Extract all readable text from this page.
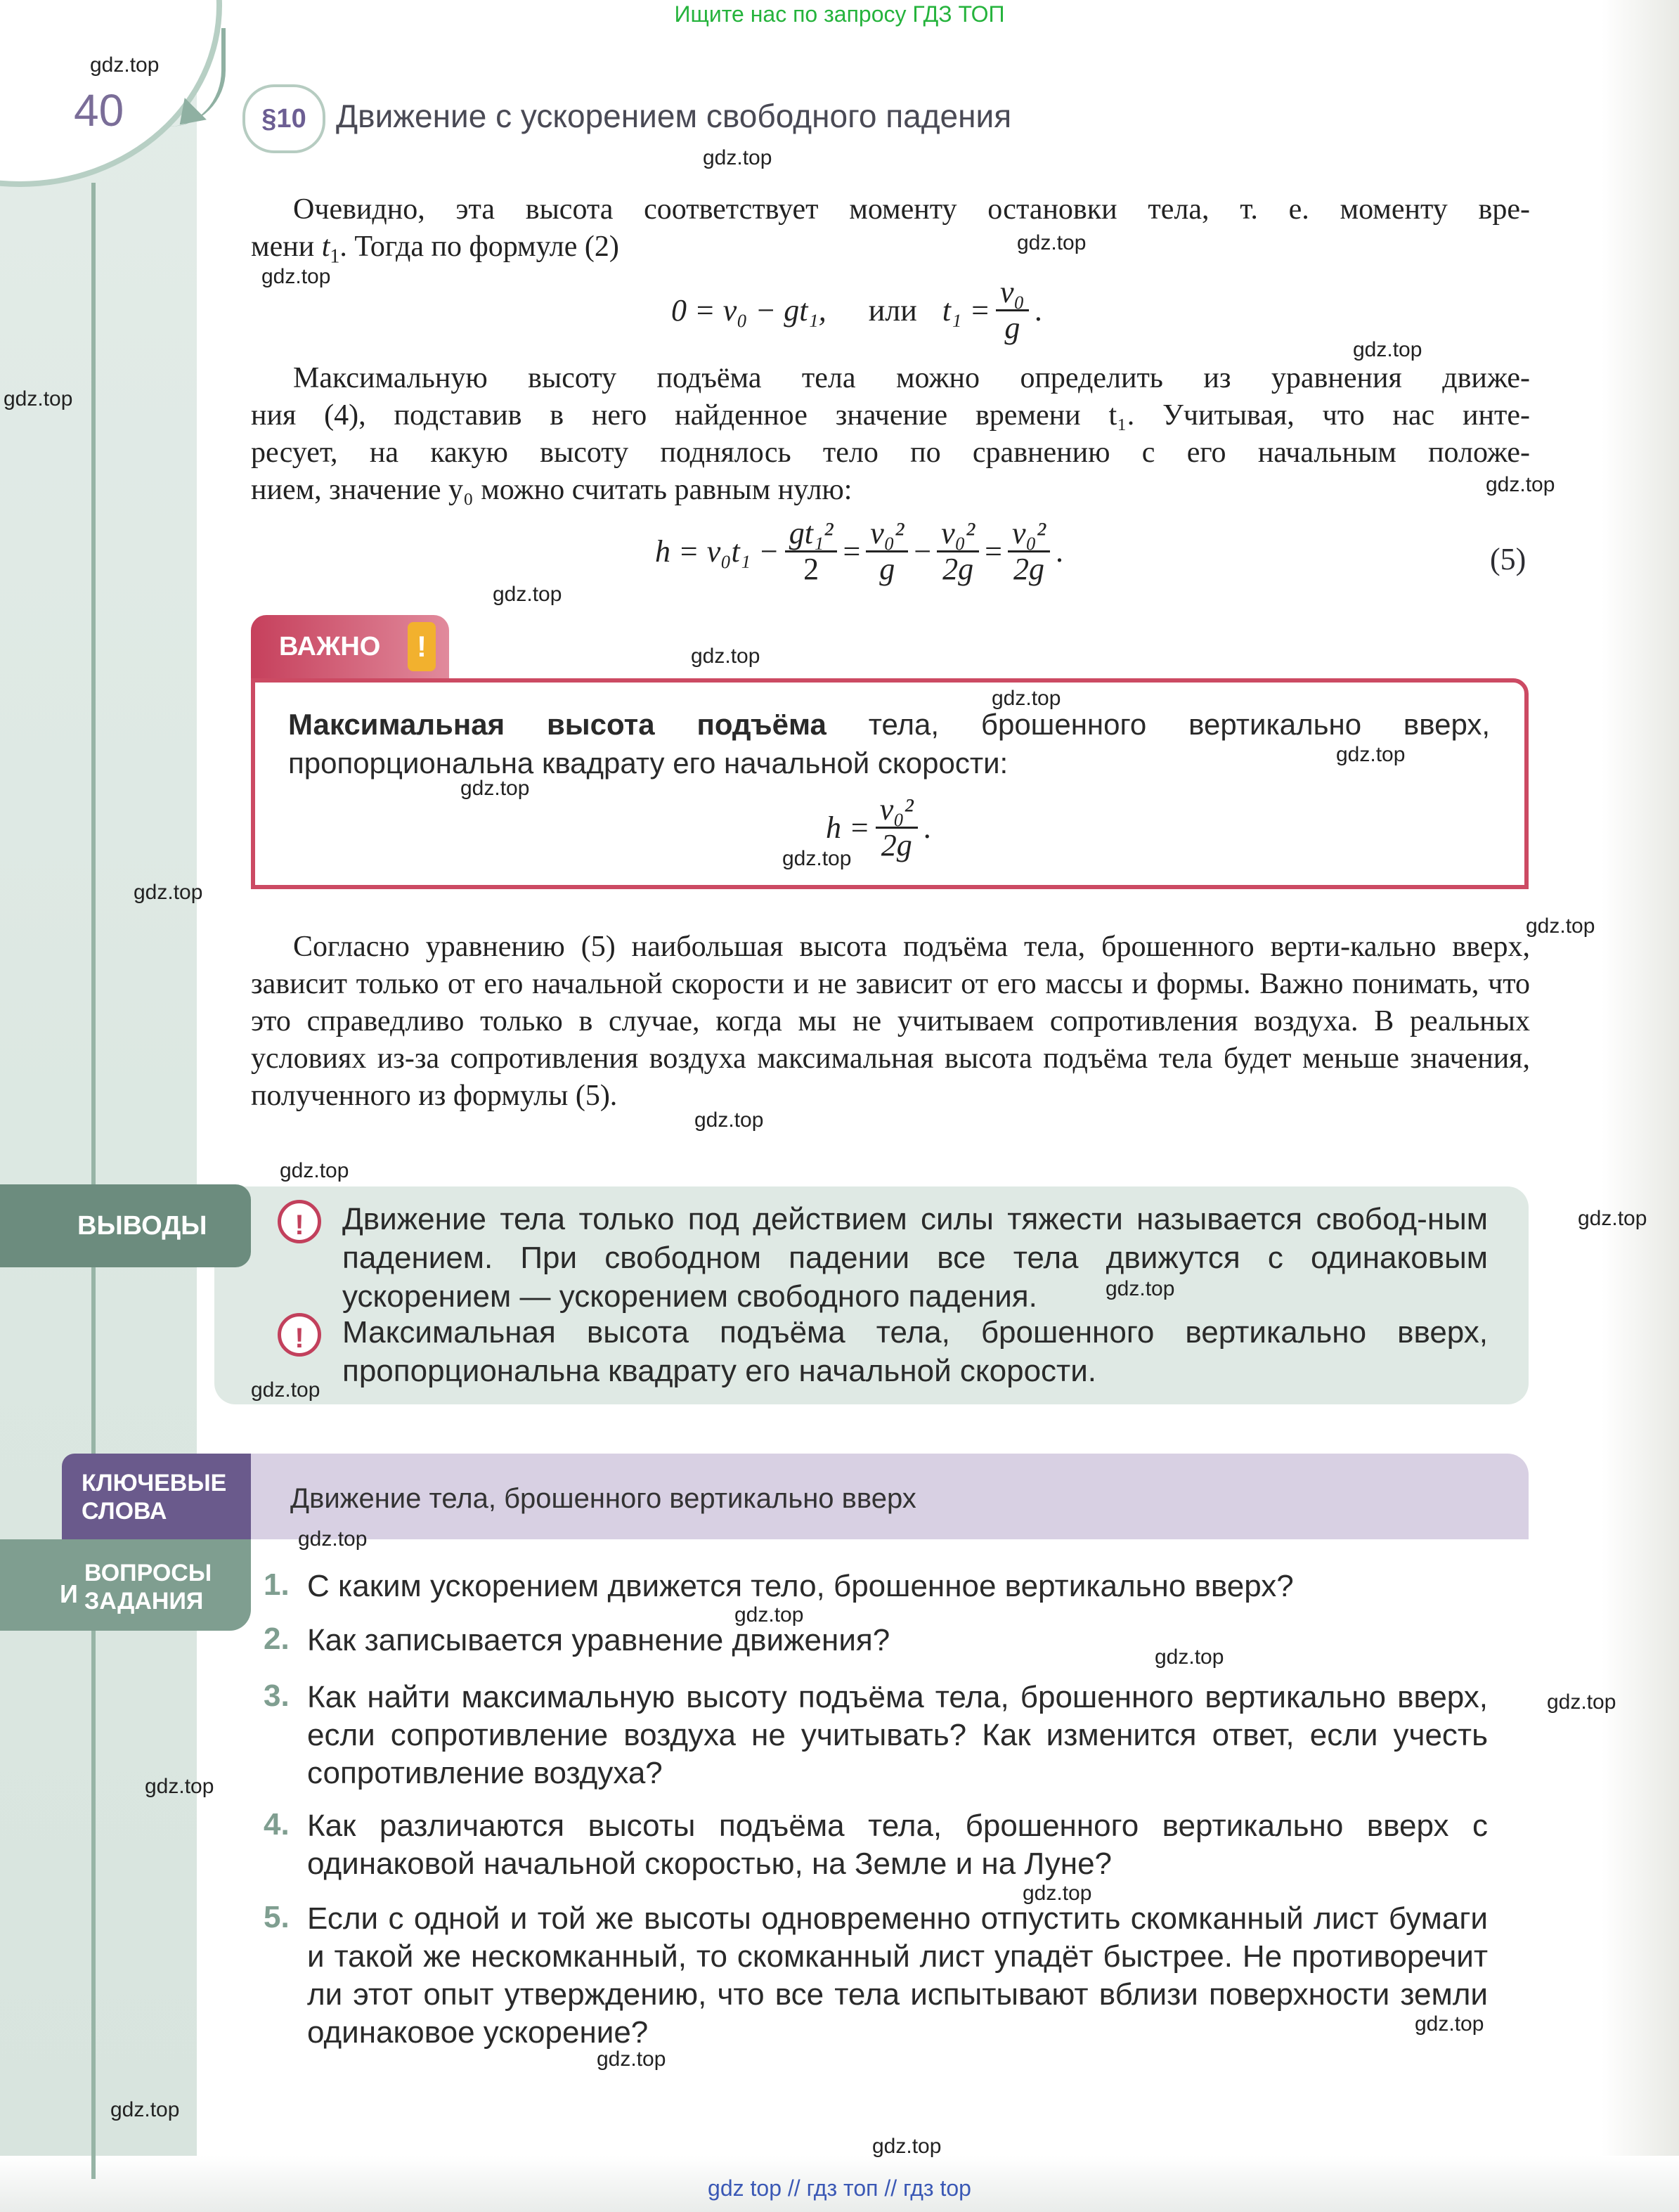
Ищите нас по запросу ГДЗ ТОП
40	§10 Движение с ускорением свободного падения
Очевидно, эта высота соответствует моменту остановки тела, т. е. моменту вре-
мени $t_1$. Тогда по формуле (2)
0 = v₀ − gt₁, или $t_1 = \frac{\text{v₀}}{g}$ .
Максимальную высоту подъёма тела можно определить из уравнения движе-
ния (4), подставив в него найденное значение времени t₁. Учитывая, что нас инте-
ресует, на какую высоту поднялось тело по сравнению с его начальным положе-
нием, значение y₀ можно считать равным нулю:
$h = v_0t_1 - \frac{\text{gt₁²}}{2} = \frac{\text{v₀²}}{g} - \frac{\text{v₀²}}{2g} = \frac{\text{v₀²}}{2g}$ .	(5)
ВАЖНО	!
Максимальная высота подъёма тела, брошенного вертикально вверх, пропорциональна квадрату его начальной скорости:
$h = \frac{\text{v₀²}}{2g}$ .
Согласно уравнению (5) наибольшая высота подъёма тела, брошенного верти-кально вверх, зависит только от его начальной скорости и не зависит от его массы и формы. Важно понимать, что это справедливо только в случае, когда мы не учитываем сопротивления воздуха. В реальных условиях из-за сопротивления воздуха максимальная высота подъёма тела будет меньше значения, полученного из формулы (5).
ВЫВОДЫ	!	Движение тела только под действием силы тяжести называется свобод-ным падением. При свободном падении все тела движутся с одинаковым ускорением — ускорением свободного падения.
!	Максимальная высота подъёма тела, брошенного вертикально вверх, пропорциональна квадрату его начальной скорости.
КЛЮЧЕВЫЕ
СЛОВА	Движение тела, брошенного вертикально вверх
И
ВОПРОСЫ
ЗАДАНИЯ 1. С каким ускорением движется тело, брошенное вертикально вверх?
2. Как записывается уравнение движения?
3. Как найти максимальную высоту подъёма тела, брошенного вертикально вверх, если сопротивление воздуха не учитывать? Как изменится ответ, если учесть сопротивление воздуха?
4. Как различаются высоты подъёма тела, брошенного вертикально вверх с одинаковой начальной скоростью, на Земле и на Луне?
5. Если с одной и той же высоты одновременно отпустить скомканный лист бумаги и такой же нескомканный, то скомканный лист упадёт быстрее. Не противоречит ли этот опыт утверждению, что все тела испытывают вблизи поверхности земли одинаковое ускорение?
gdz.top
gdz.top
gdz.top
gdz.top
gdz.top
gdz.top
gdz.top
gdz.top
gdz.top
gdz.top
gdz.top
gdz.top
gdz.top
gdz.top
gdz.top
gdz.top
gdz.top
gdz.top
gdz.top
gdz.top
gdz.top
gdz.top
gdz.top
gdz.top
gdz.top
gdz.top
gdz.top
gdz.top
gdz.top
gdz.top
gdz top // гдз топ // гдз top
